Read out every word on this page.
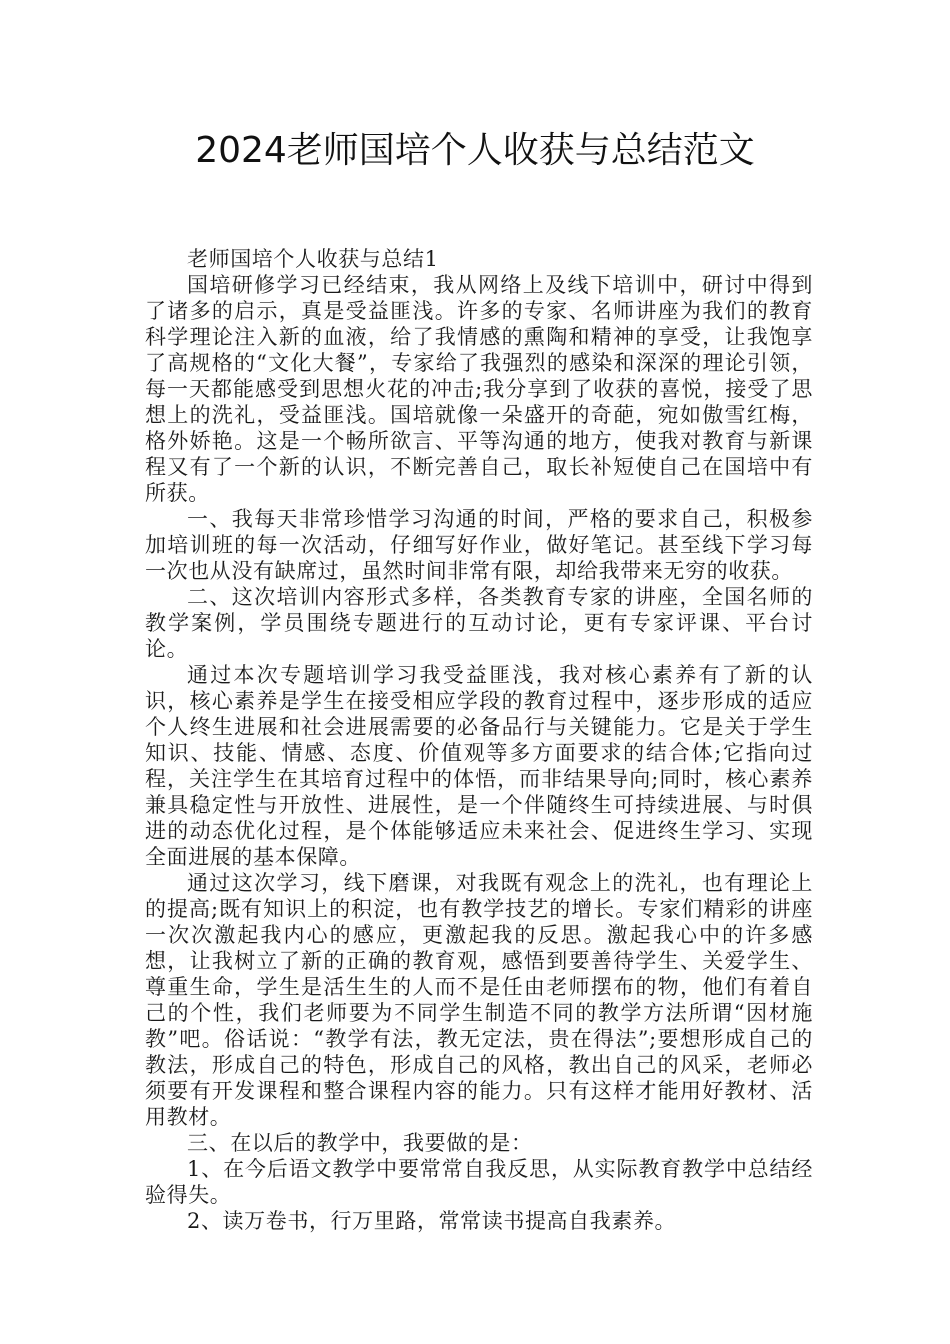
2024老师国培个人收获与总结范文

老师国培个人收获与总结1

国培研修学习已经结束，我从网络上及线下培训中，研讨中得到了诸多的启示，真是受益匪浅。许多的专家、名师讲座为我们的教育科学理论注入新的血液，给了我情感的熏陶和精神的享受，让我饱享了高规格的“文化大餐”，专家给了我强烈的感染和深深的理论引领，每一天都能感受到思想火花的冲击;我分享到了收获的喜悦，接受了思想上的洗礼，受益匪浅。国培就像一朵盛开的奇葩，宛如傲雪红梅，格外娇艳。这是一个畅所欲言、平等沟通的地方，使我对教育与新课程又有了一个新的认识，不断完善自己，取长补短使自己在国培中有所获。

一、我每天非常珍惜学习沟通的时间，严格的要求自己，积极参加培训班的每一次活动，仔细写好作业，做好笔记。甚至线下学习每一次也从没有缺席过，虽然时间非常有限，却给我带来无穷的收获。

二、这次培训内容形式多样，各类教育专家的讲座，全国名师的教学案例，学员围绕专题进行的互动讨论，更有专家评课、平台讨论。

通过本次专题培训学习我受益匪浅，我对核心素养有了新的认识，核心素养是学生在接受相应学段的教育过程中，逐步形成的适应个人终生进展和社会进展需要的必备品行与关键能力。它是关于学生知识、技能、情感、态度、价值观等多方面要求的结合体;它指向过程，关注学生在其培育过程中的体悟，而非结果导向;同时，核心素养兼具稳定性与开放性、进展性，是一个伴随终生可持续进展、与时俱进的动态优化过程，是个体能够适应未来社会、促进终生学习、实现全面进展的基本保障。

通过这次学习，线下磨课，对我既有观念上的洗礼，也有理论上的提高;既有知识上的积淀，也有教学技艺的增长。专家们精彩的讲座一次次激起我内心的感应，更激起我的反思。激起我心中的许多感想，让我树立了新的正确的教育观，感悟到要善待学生、关爱学生、尊重生命，学生是活生生的人而不是任由老师摆布的物，他们有着自己的个性，我们老师要为不同学生制造不同的教学方法所谓“因材施教”吧。俗话说：“教学有法，教无定法，贵在得法”;要想形成自己的教法，形成自己的特色，形成自己的风格，教出自己的风采，老师必须要有开发课程和整合课程内容的能力。只有这样才能用好教材、活用教材。

三、在以后的教学中，我要做的是：

1、在今后语文教学中要常常自我反思，从实际教育教学中总结经验得失。

2、读万卷书，行万里路，常常读书提高自我素养。
